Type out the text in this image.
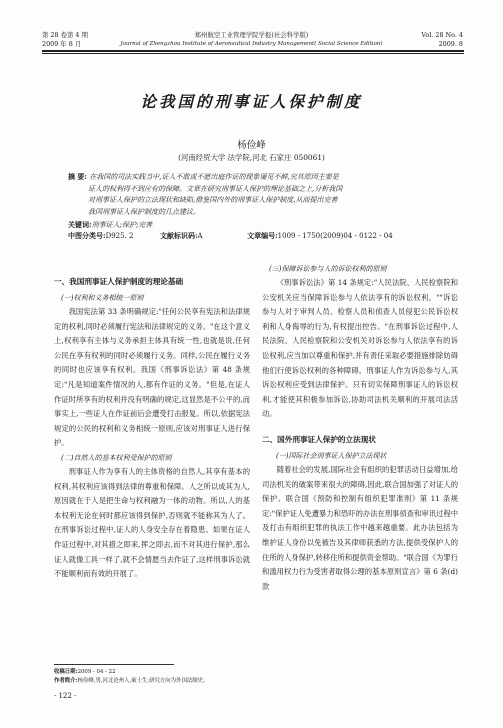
第 28 卷第 4 期
2009 年 8 月
郑州航空工业管理学院学报(社会科学版)
Journal of Zhengzhou Institute of Aeronautical Industry Management( Social Science Edition)
Vol. 28 No. 4
2009. 8
论我国的刑事证人保护制度
杨俭峰
(河南经贸大学 法学院,河北 石家庄 050061)
摘 要: 在我国的司法实践当中,证人不敢或不愿出庭作证的现象屡见不鲜,究其原因主要是
证人的权利得不到应有的保障。文章在研究刑事证人保护的理论基础之上,分析我国
对刑事证人保护的立法现状和缺陷,借鉴国内外的刑事证人保护制度,从而提出完善
我国刑事证人保护制度的几点建议。
关键词:刑事证人;保护;完善
中图分类号:D925. 2	文献标识码:A	文章编号:1009 - 1750(2009)04 - 0122 - 04
一、我国刑事证人保护制度的理论基础
(一)权利和义务相统一原则

我国宪法第 33 条明确规定:"任何公民享有宪法和法律规定的权利,同时必须履行宪法和法律规定的义务。"在这个意义上,权利享有主体与义务承担主体具有统一性,也就是说,任何公民在享有权利的同时必须履行义务。同样,公民在履行义务的同时也应该享有权利。我国《刑事诉讼法》第 48 条规定:"凡是知道案件情况的人,都有作证的义务。"但是,在证人作证时所享有的权利并没有明确的规定,这显然是不公平的,而事实上,一些证人在作证前后会遭受打击报复。所以,依据宪法规定的公民的权利和义务相统一原则,应该对刑事证人进行保护。

(二)自然人的基本权利受保护的原则

刑事证人作为享有人的主体资格的自然人,其享有基本的权利,其权利应该得到法律的尊重和保障。人之所以成其为人,原因就在于人是把生命与权利融为一体的动物。所以,人的基本权利无论在何时都应该得到保护,否则就不能称其为人了。在刑事诉讼过程中,证人的人身安全存在着隐患。如果在证人作证过程中,对其措之即来,挥之即去,而不对其进行保护,那么证人就像工具一样了,就不会情愿当去作证了,这样刑事诉讼就不能顺利而有效的开展了。

(三)保障诉讼参与人的诉讼权利的原则

《刑事诉讼法》第 14 条规定:"人民法院、人民检察院和公安机关应当保障诉讼参与人依法享有的诉讼权利。""诉讼参与人对于审判人员、检察人员和侦查人员侵犯公民诉讼权利和人身侮辱的行为,有权提出控告。"在刑事诉讼过程中,人民法院、人民检察院和公安机关对诉讼参与人依法享有的诉讼权利,应当加以尊重和保护,并有责任采取必要措施排除妨碍他们行使诉讼权利的各种障碍。刑事证人作为诉讼参与人,其诉讼权利应受到法律保护。只有切实保障刑事证人的诉讼权利,才能使其积极参加诉讼,协助司法机关顺利的开展司法活动。

二、国外刑事证人保护的立法现状
(一)国际社会刑事证人保护立法现状

随着社会的发展,国际社会有组织的犯罪活动日益增加,给司法机关的破案带来很大的障碍,因此,联合国加强了对证人的保护。联合国《预防和控制有组织犯罪准则》第 11 条规定:"保护证人免遭暴力和恐吓的办法在刑事侦查和审讯过程中及打击有组织犯罪的执法工作中越来越重要。此办法包括为维护证人身份以免被告及其律师获悉的方法,提供受保护人的住所的人身保护,转移住所和提供资金帮助。"联合国《为罪行和滥用权力行为受害者取得公理的基本原则宣言》第 6 条(d)款

收稿日期:2009 - 04 - 22
作者简介:杨俭峰,男,河北沧州人,硕士生,研究方向为外国法制史。
· 122 ·
